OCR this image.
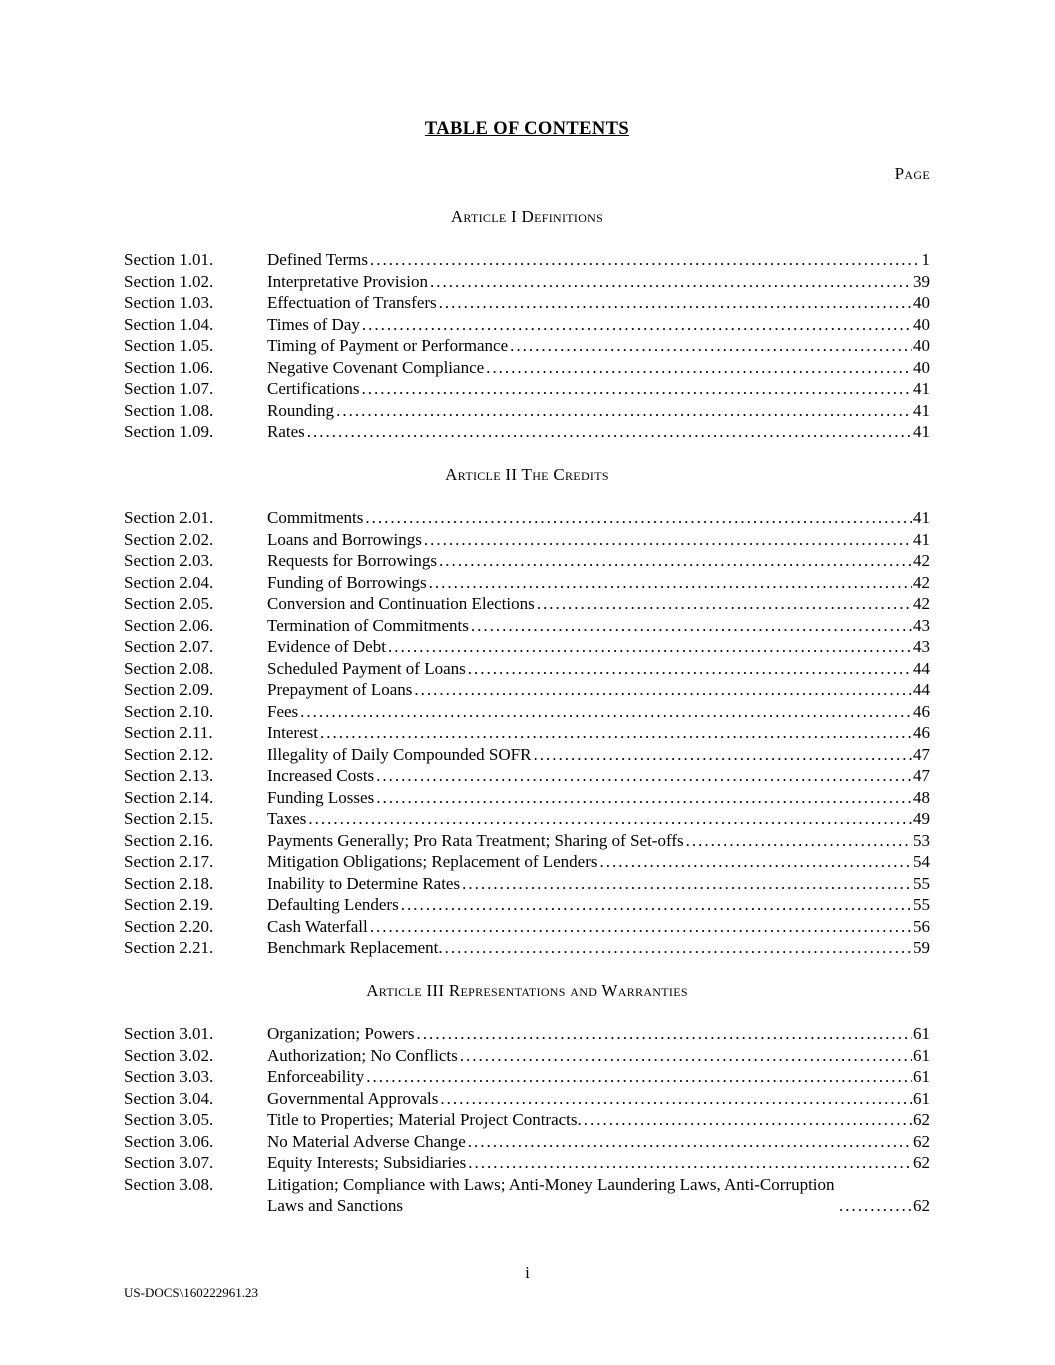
TABLE OF CONTENTS
Page
Article I Definitions
Section 1.01.	Defined Terms .....	1
Section 1.02.	Interpretative Provision .....	39
Section 1.03.	Effectuation of Transfers .....	40
Section 1.04.	Times of Day .....	40
Section 1.05.	Timing of Payment or Performance .....	40
Section 1.06.	Negative Covenant Compliance .....	40
Section 1.07.	Certifications .....	41
Section 1.08.	Rounding .....	41
Section 1.09.	Rates .....	41
Article II The Credits
Section 2.01.	Commitments .....	41
Section 2.02.	Loans and Borrowings .....	41
Section 2.03.	Requests for Borrowings .....	42
Section 2.04.	Funding of Borrowings .....	42
Section 2.05.	Conversion and Continuation Elections .....	42
Section 2.06.	Termination of Commitments .....	43
Section 2.07.	Evidence of Debt .....	43
Section 2.08.	Scheduled Payment of Loans .....	44
Section 2.09.	Prepayment of Loans .....	44
Section 2.10.	Fees .....	46
Section 2.11.	Interest .....	46
Section 2.12.	Illegality of Daily Compounded SOFR .....	47
Section 2.13.	Increased Costs .....	47
Section 2.14.	Funding Losses .....	48
Section 2.15.	Taxes .....	49
Section 2.16.	Payments Generally; Pro Rata Treatment; Sharing of Set-offs .....	53
Section 2.17.	Mitigation Obligations; Replacement of Lenders .....	54
Section 2.18.	Inability to Determine Rates .....	55
Section 2.19.	Defaulting Lenders .....	55
Section 2.20.	Cash Waterfall .....	56
Section 2.21.	Benchmark Replacement. .....	59
Article III Representations and Warranties
Section 3.01.	Organization; Powers .....	61
Section 3.02.	Authorization; No Conflicts .....	61
Section 3.03.	Enforceability .....	61
Section 3.04.	Governmental Approvals .....	61
Section 3.05.	Title to Properties; Material Project Contracts. .....	62
Section 3.06.	No Material Adverse Change .....	62
Section 3.07.	Equity Interests; Subsidiaries .....	62
Section 3.08.	Litigation; Compliance with Laws; Anti-Money Laundering Laws, Anti-Corruption Laws and Sanctions .....	62
i
US-DOCS\160222961.23
